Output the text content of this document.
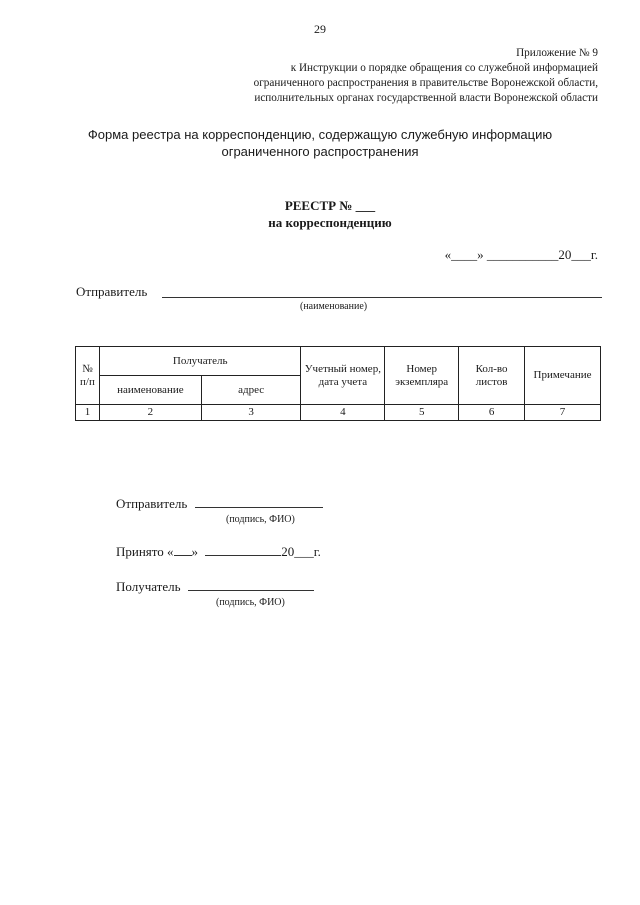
29
Приложение № 9
к Инструкции о порядке обращения со служебной информацией
ограниченного распространения в правительстве Воронежской области,
исполнительных органах государственной власти Воронежской области
Форма реестра на корреспонденцию, содержащую служебную информацию
ограниченного распространения
РЕЕСТР № ___
на корреспонденцию
«____» ___________20___г.
Отправитель
(наименование)
№ п/п	Получатель		Учетный номер, дата учета	Номер экземпляра	Кол-во листов	Примечание
	наименование	адрес				
1	2	3	4	5	6	7
Отправитель
(подпись, ФИО)
Принято « »	20___г.
Получатель
(подпись, ФИО)
